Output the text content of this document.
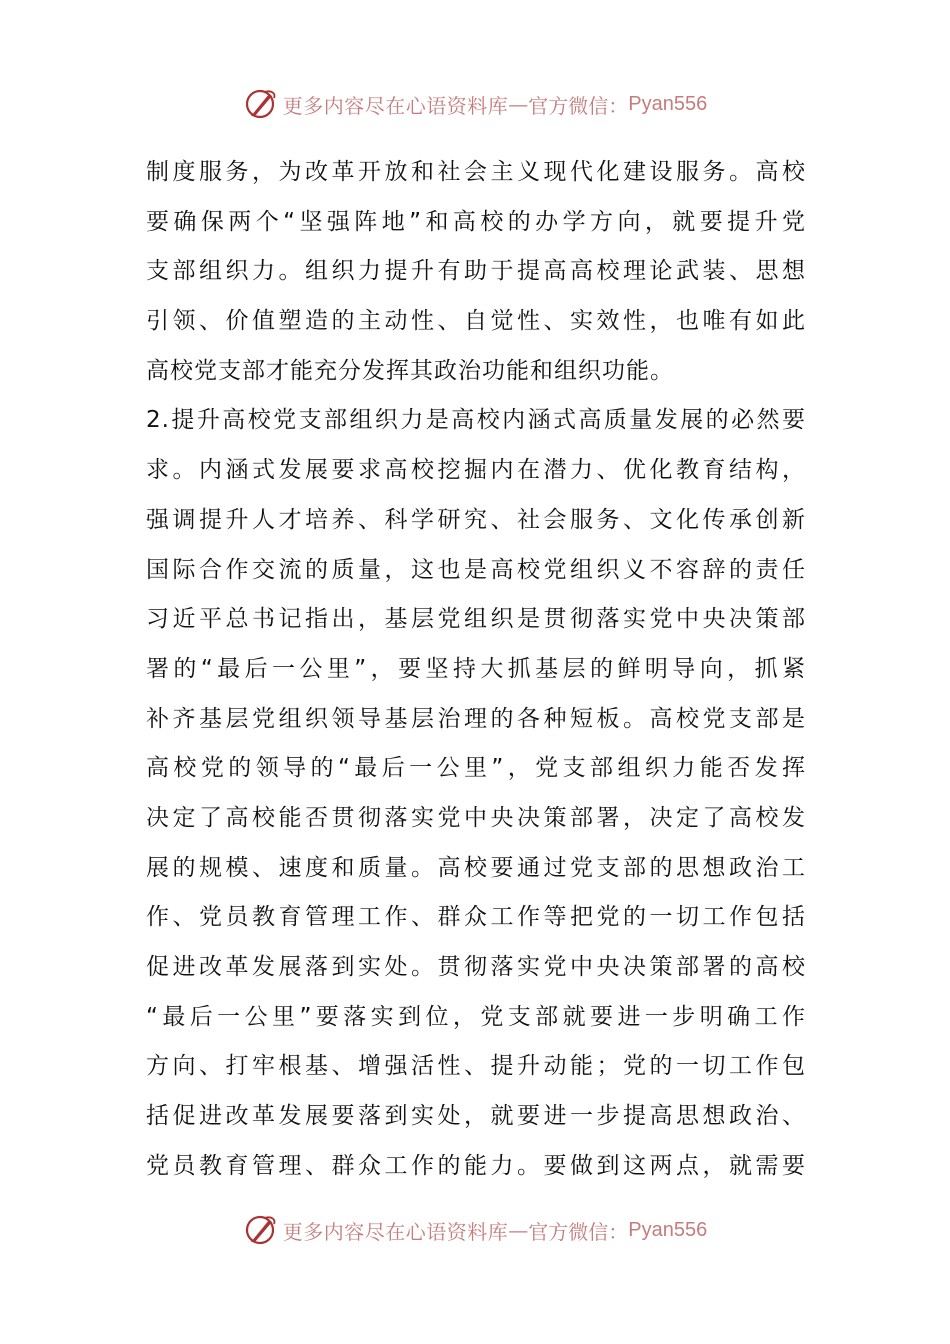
更多内容尽在心语资料库 — 官方微信： Pyan556
制度服务，为改革开放和社会主义现代化建设服务。高校
要确保两个“坚强阵地”和高校的办学方向，就要提升党
支部组织力。组织力提升有助于提高高校理论武装、思想
引领、价值塑造的主动性、自觉性、实效性，也唯有如此
高校党支部才能充分发挥其政治功能和组织功能。
2.提升高校党支部组织力是高校内涵式高质量发展的必然要
求。内涵式发展要求高校挖掘内在潜力、优化教育结构，
强调提升人才培养、科学研究、社会服务、文化传承创新
国际合作交流的质量，这也是高校党组织义不容辞的责任
习近平总书记指出，基层党组织是贯彻落实党中央决策部
署的“最后一公里”，要坚持大抓基层的鲜明导向，抓紧
补齐基层党组织领导基层治理的各种短板。高校党支部是
高校党的领导的“最后一公里”，党支部组织力能否发挥
决定了高校能否贯彻落实党中央决策部署，决定了高校发
展的规模、速度和质量。高校要通过党支部的思想政治工
作、党员教育管理工作、群众工作等把党的一切工作包括
促进改革发展落到实处。贯彻落实党中央决策部署的高校
“最后一公里”要落实到位，党支部就要进一步明确工作
方向、打牢根基、增强活性、提升动能；党的一切工作包
括促进改革发展要落到实处，就要进一步提高思想政治、
党员教育管理、群众工作的能力。要做到这两点，就需要
更多内容尽在心语资料库 — 官方微信： Pyan556
